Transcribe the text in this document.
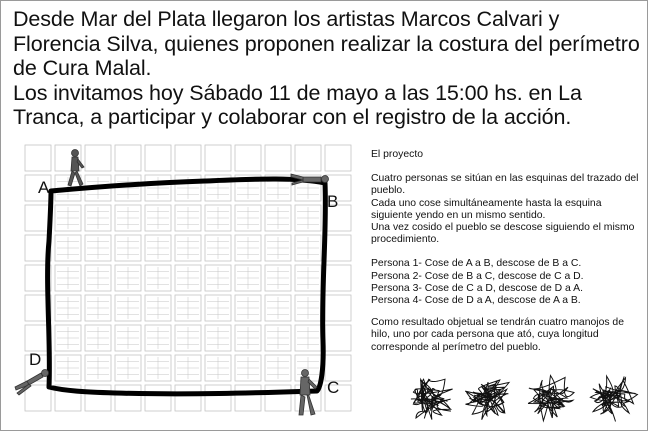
Desde Mar del Plata llegaron los artistas Marcos Calvari y Florencia Silva, quienes proponen realizar la costura del perímetro de Cura Malal.

Los invitamos hoy Sábado 11 de mayo a las 15:00 hs. en La Tranca, a participar y colaborar con el registro de la acción.

A
B
C
D

El proyecto

Cuatro personas se sitúan en las esquinas del trazado del pueblo.

Cada uno cose simultáneamente hasta la esquina siguiente yendo en un mismo sentido.

Una vez cosido el pueblo se descose siguiendo el mismo procedimiento.

Persona 1- Cose de A a B, descose de B a C.

Persona 2- Cose de B a C, descose de C a D.

Persona 3- Cose de C a D, descose de D a A.

Persona 4- Cose de D a A, descose de A a B.

Como resultado objetual se tendrán cuatro manojos de hilo, uno por cada persona que ató, cuya longitud corresponde al perímetro del pueblo.
